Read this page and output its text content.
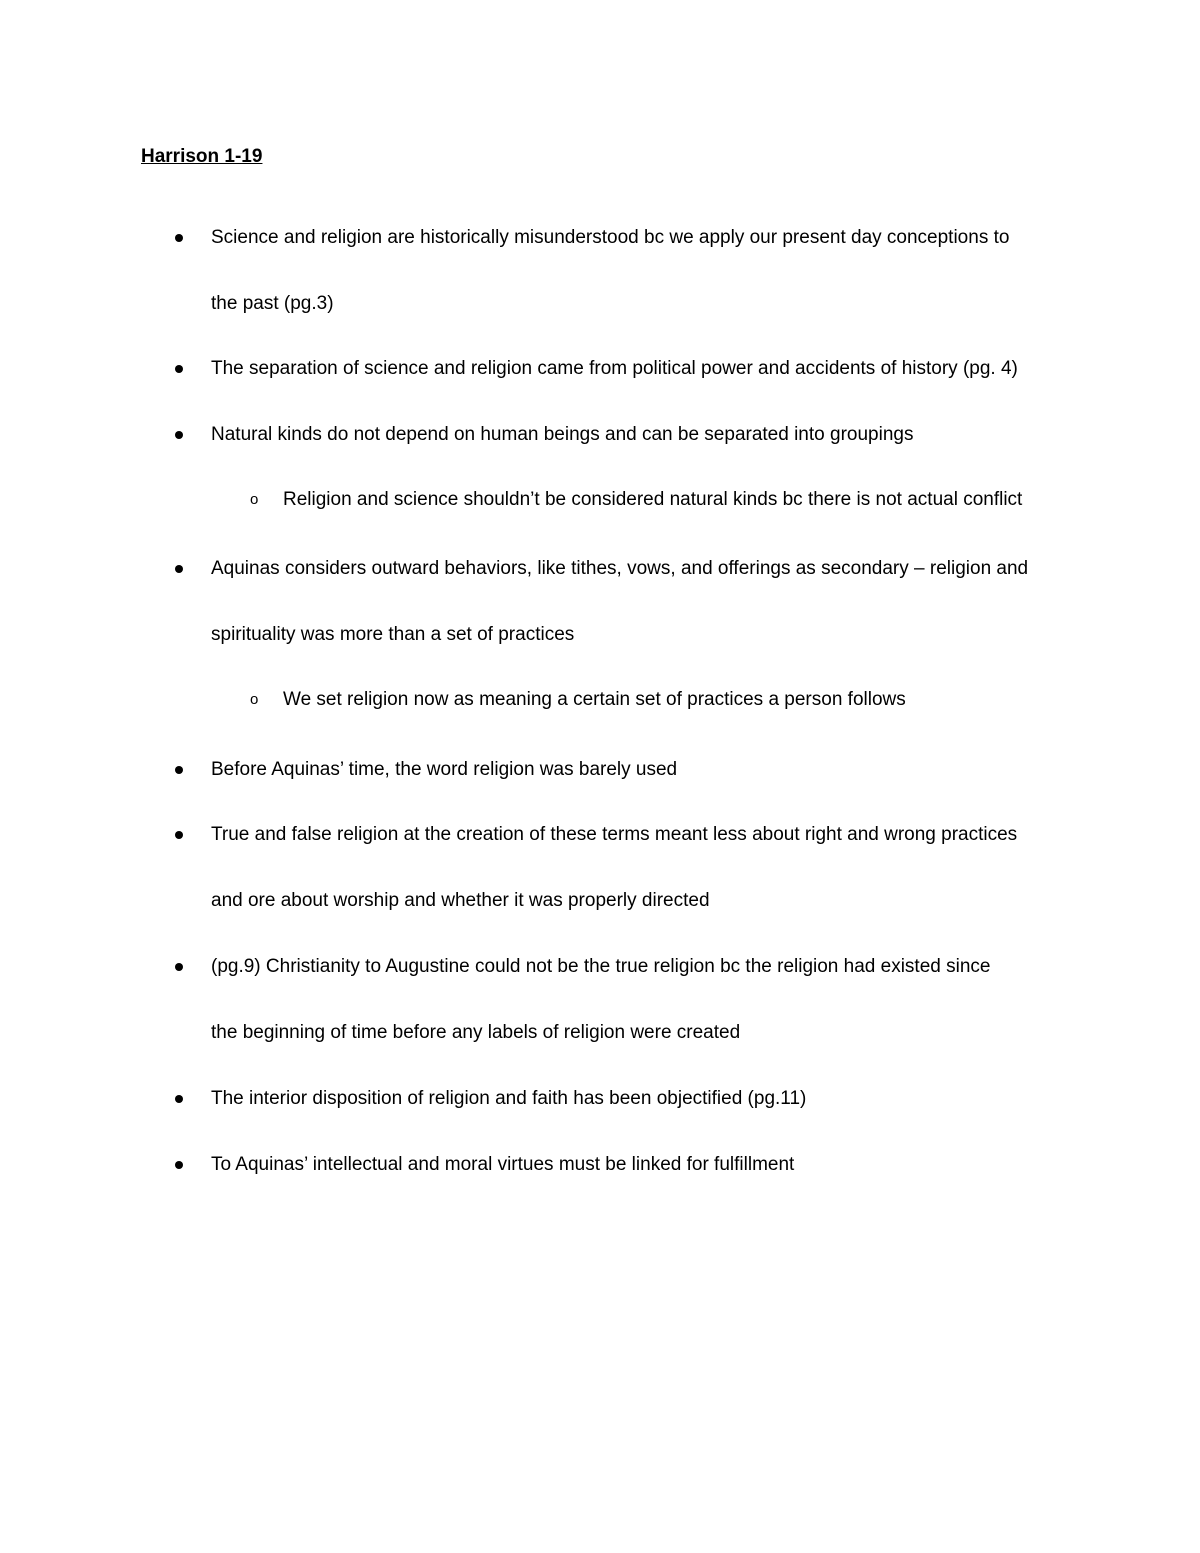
Harrison 1-19
Science and religion are historically misunderstood bc we apply our present day conceptions to
the past (pg.3)
The separation of science and religion came from political power and accidents of history (pg. 4)
Natural kinds do not depend on human beings and can be separated into groupings
o Religion and science shouldn’t be considered natural kinds bc there is not actual conflict
Aquinas considers outward behaviors, like tithes, vows, and offerings as secondary – religion and
spirituality was more than a set of practices
o We set religion now as meaning a certain set of practices a person follows
Before Aquinas’ time, the word religion was barely used
True and false religion at the creation of these terms meant less about right and wrong practices
and ore about worship and whether it was properly directed
(pg.9) Christianity to Augustine could not be the true religion bc the religion had existed since
the beginning of time before any labels of religion were created
The interior disposition of religion and faith has been objectified (pg.11)
To Aquinas’ intellectual and moral virtues must be linked for fulfillment
